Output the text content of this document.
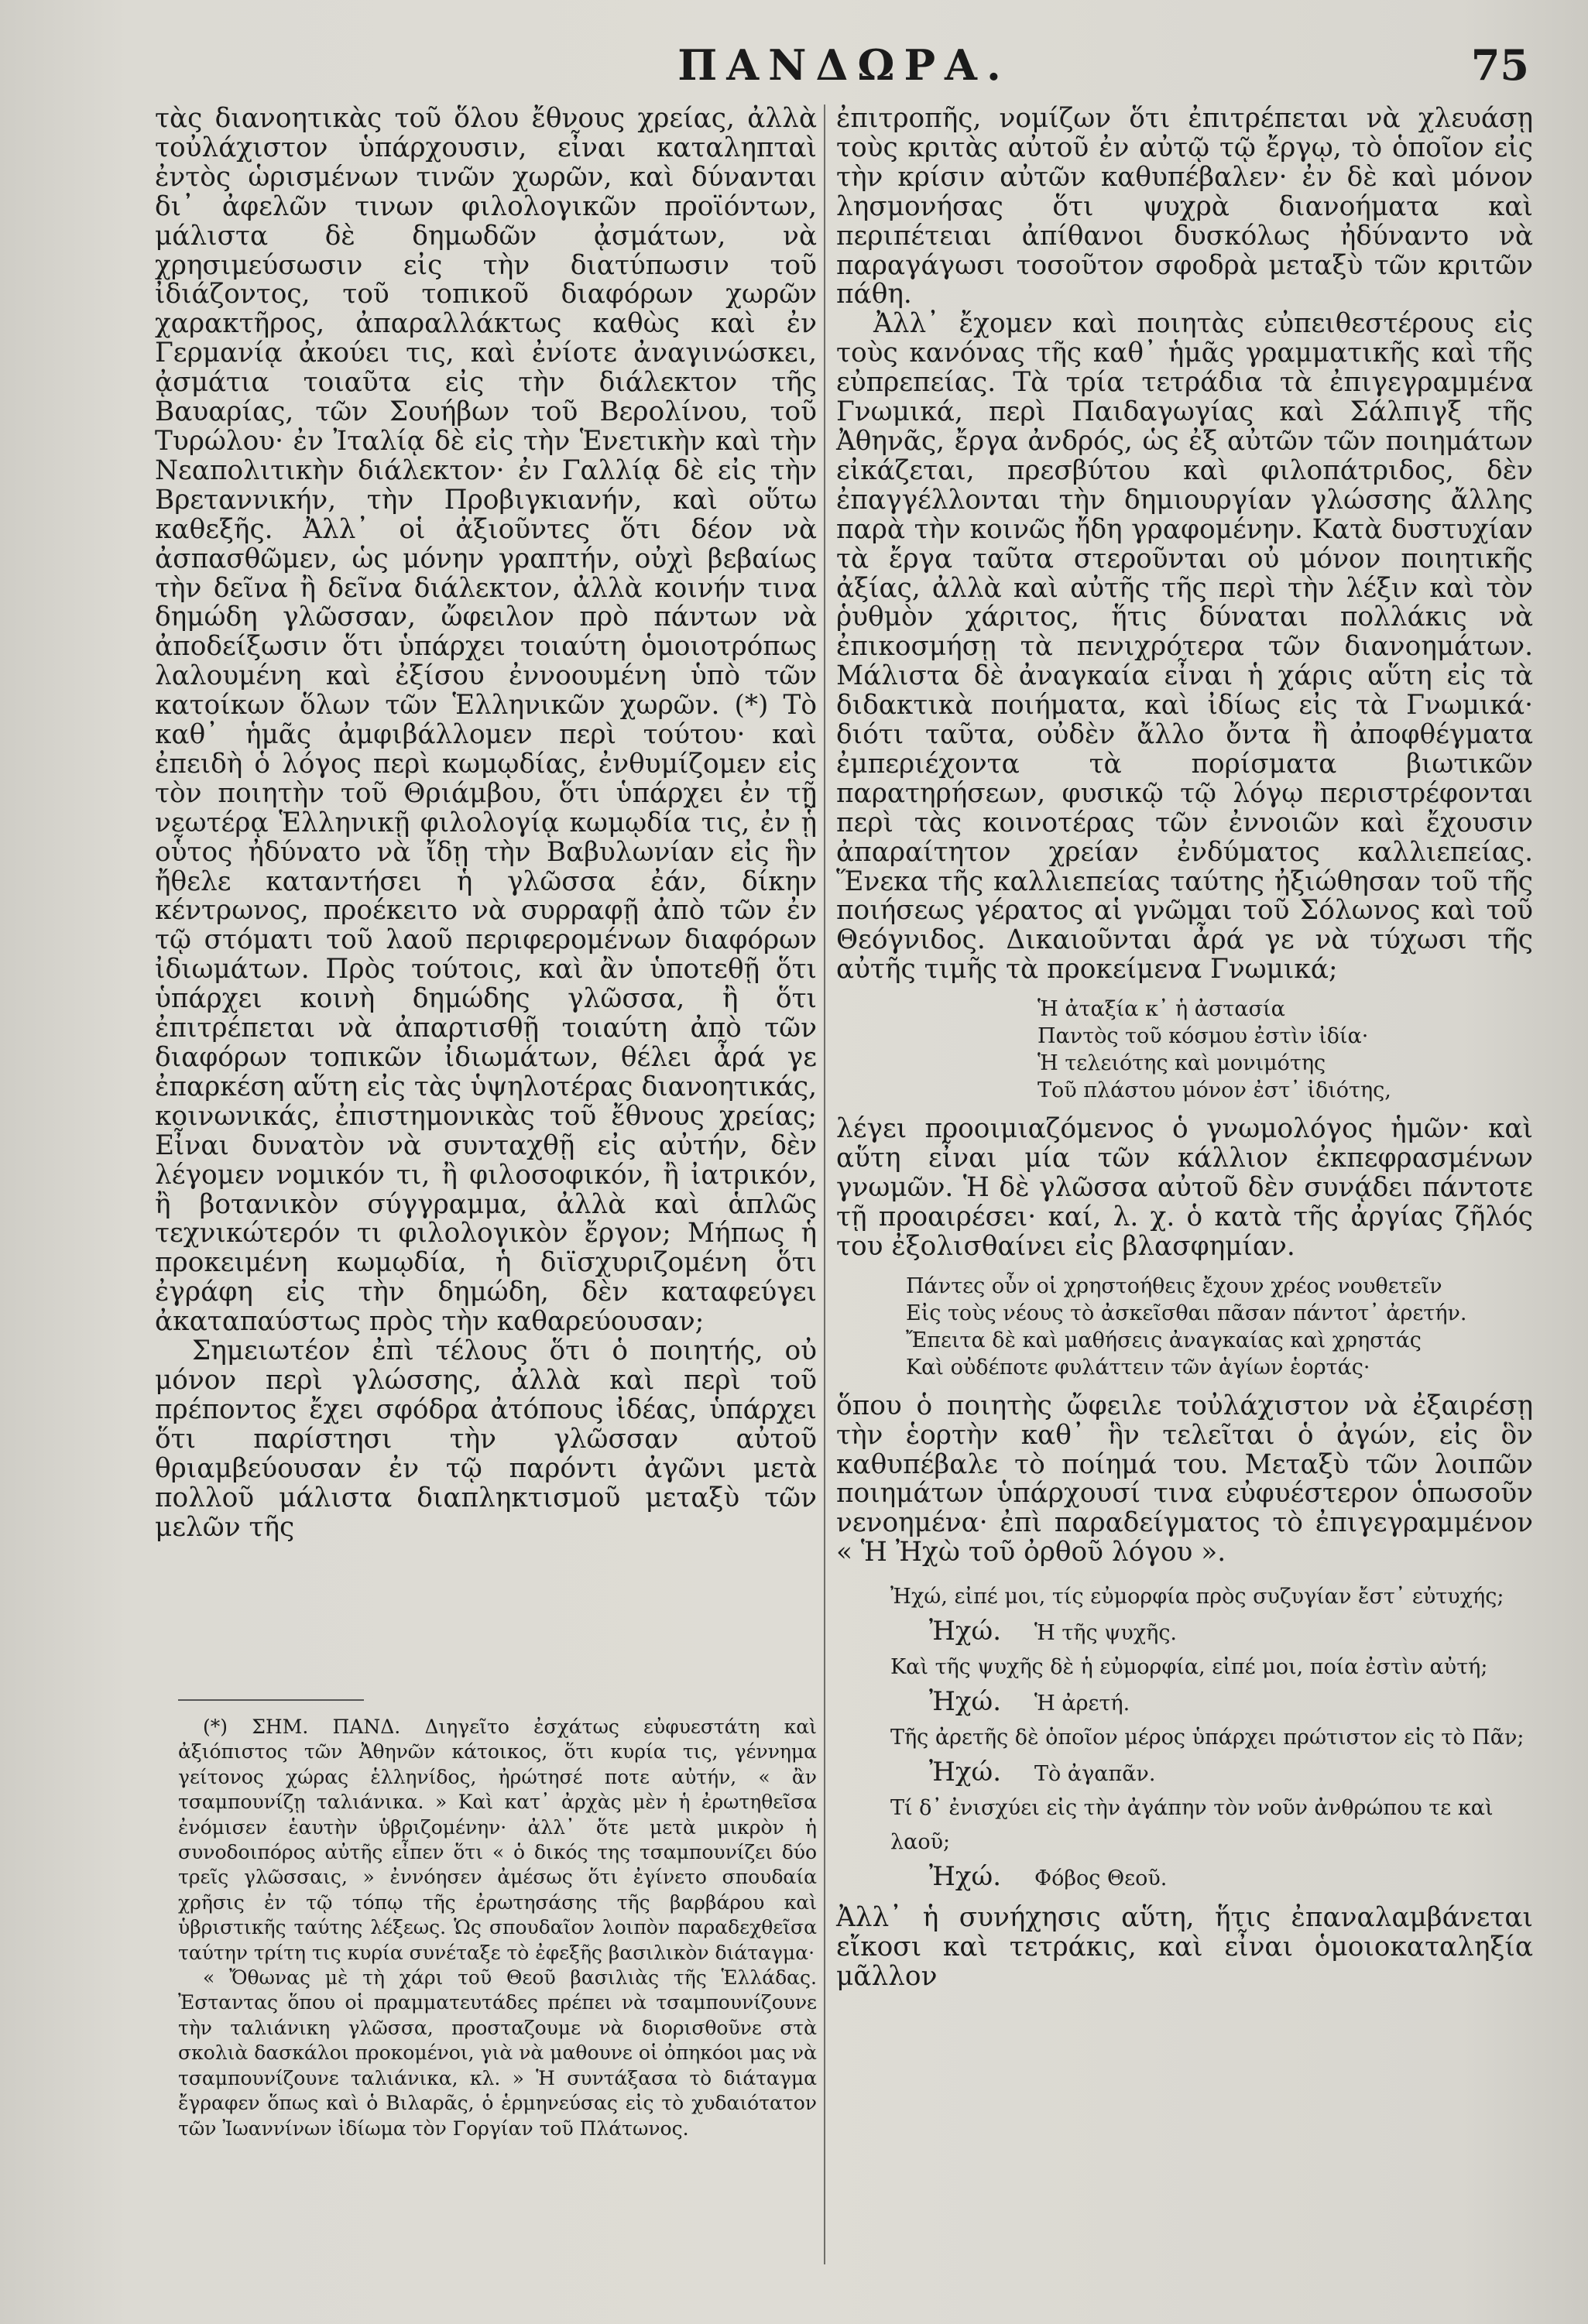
ΠΑΝΔΩΡΑ.	75
τὰς διανοητικὰς τοῦ ὅλου ἔθνους χρείας, ἀλλὰ τοὐλάχιστον ὑπάρχουσιν, εἶναι καταληπταὶ ἐντὸς ὡρισμένων τινῶν χωρῶν, καὶ δύνανται δι᾽ ἀφελῶν τινων φιλολογικῶν προϊόντων, μάλιστα δὲ δημωδῶν ᾀσμάτων, νὰ χρησιμεύσωσιν εἰς τὴν διατύπωσιν τοῦ ἰδιάζοντος, τοῦ τοπικοῦ διαφόρων χωρῶν χαρακτῆρος, ἀπαραλλάκτως καθὼς καὶ ἐν Γερμανίᾳ ἀκούει τις, καὶ ἐνίοτε ἀναγινώσκει, ᾀσμάτια τοιαῦτα εἰς τὴν διάλεκτον τῆς Βαυαρίας, τῶν Σουήβων τοῦ Βερολίνου, τοῦ Τυρώλου· ἐν Ἰταλίᾳ δὲ εἰς τὴν Ἑνετικὴν καὶ τὴν Νεαπολιτικὴν διάλεκτον· ἐν Γαλλίᾳ δὲ εἰς τὴν Βρεταννικήν, τὴν Προβιγκιανήν, καὶ οὕτω καθεξῆς. Ἀλλ᾽ οἱ ἀξιοῦντες ὅτι δέον νὰ ἀσπασθῶμεν, ὡς μόνην γραπτήν, οὐχὶ βεβαίως τὴν δεῖνα ἢ δεῖνα διάλεκτον, ἀλλὰ κοινήν τινα δημώδη γλῶσσαν, ὤφειλον πρὸ πάντων νὰ ἀποδείξωσιν ὅτι ὑπάρχει τοιαύτη ὁμοιοτρόπως λαλουμένη καὶ ἐξίσου ἐννοουμένη ὑπὸ τῶν κατοίκων ὅλων τῶν Ἑλληνικῶν χωρῶν. (*) Τὸ καθ᾽ ἡμᾶς ἀμφιβάλλομεν περὶ τούτου· καὶ ἐπειδὴ ὁ λόγος περὶ κωμῳδίας, ἐνθυμίζομεν εἰς τὸν ποιητὴν τοῦ Θριάμβου, ὅτι ὑπάρχει ἐν τῇ νεωτέρᾳ Ἑλληνικῇ φιλολογίᾳ κωμῳδία τις, ἐν ᾗ οὗτος ἠδύνατο νὰ ἴδῃ τὴν Βαβυλωνίαν εἰς ἣν ἤθελε καταντήσει ἡ γλῶσσα ἐάν, δίκην κέντρωνος, προέκειτο νὰ συρραφῇ ἀπὸ τῶν ἐν τῷ στόματι τοῦ λαοῦ περιφερομένων διαφόρων ἰδιωμάτων. Πρὸς τούτοις, καὶ ἂν ὑποτεθῇ ὅτι ὑπάρχει κοινὴ δημώδης γλῶσσα, ἢ ὅτι ἐπιτρέπεται νὰ ἀπαρτισθῇ τοιαύτη ἀπὸ τῶν διαφόρων τοπικῶν ἰδιωμάτων, θέλει ἆρά γε ἐπαρκέση αὕτη εἰς τὰς ὑψηλοτέρας διανοητικάς, κοινωνικάς, ἐπιστημονικὰς τοῦ ἔθνους χρείας; Εἶναι δυνατὸν νὰ συνταχθῇ εἰς αὐτήν, δὲν λέγομεν νομικόν τι, ἢ φιλοσοφικόν, ἢ ἰατρικόν, ἢ βοτανικὸν σύγγραμμα, ἀλλὰ καὶ ἁπλῶς τεχνικώτερόν τι φιλολογικὸν ἔργον; Μήπως ἡ προκειμένη κωμῳδία, ἡ διϊσχυριζομένη ὅτι ἐγράφη εἰς τὴν δημώδη, δὲν καταφεύγει ἀκαταπαύστως πρὸς τὴν καθαρεύουσαν;
Σημειωτέον ἐπὶ τέλους ὅτι ὁ ποιητής, οὐ μόνον περὶ γλώσσης, ἀλλὰ καὶ περὶ τοῦ πρέποντος ἔχει σφόδρα ἀτόπους ἰδέας, ὑπάρχει ὅτι παρίστησι τὴν γλῶσσαν αὐτοῦ θριαμβεύουσαν ἐν τῷ παρόντι ἀγῶνι μετὰ πολλοῦ μάλιστα διαπληκτισμοῦ μεταξὺ τῶν μελῶν τῆς
(*) ΣΗΜ. ΠΑΝΔ. Διηγεῖτο ἐσχάτως εὐφυεστάτη καὶ ἀξιόπιστος τῶν Ἀθηνῶν κάτοικος, ὅτι κυρία τις, γέννημα γείτονος χώρας ἑλληνίδος, ἠρώτησέ ποτε αὐτήν, « ἂν τσαμπουνίζῃ ταλιάνικα. » Καὶ κατ᾽ ἀρχὰς μὲν ἡ ἐρωτηθεῖσα ἐνόμισεν ἑαυτὴν ὑβριζομένην· ἀλλ᾽ ὅτε μετὰ μικρὸν ἡ συνοδοιπόρος αὐτῆς εἶπεν ὅτι « ὁ δικός της τσαμπουνίζει δύο τρεῖς γλῶσσαις, » ἐννόησεν ἀμέσως ὅτι ἐγίνετο σπουδαία χρῆσις ἐν τῷ τόπῳ τῆς ἐρωτησάσης τῆς βαρβάρου καὶ ὑβριστικῆς ταύτης λέξεως. Ὡς σπουδαῖον λοιπὸν παραδεχθεῖσα ταύτην τρίτη τις κυρία συνέταξε τὸ ἐφεξῆς βασιλικὸν διάταγμα·
« Ὄθωνας μὲ τὴ χάρι τοῦ Θεοῦ βασιλιὰς τῆς Ἑλλάδας. Ἐσταντας ὅπου οἱ πραμματευτάδες πρέπει νὰ τσαμπουνίζουνε τὴν ταλιάνικη γλῶσσα, προσταζουμε νὰ διορισθοῦνε στὰ σκολιὰ δασκάλοι προκομένοι, γιὰ νὰ μαθουνε οἱ ὀπηκόοι μας νὰ τσαμπουνίζουνε ταλιάνικα, κλ. » Ἡ συντάξασα τὸ διάταγμα ἔγραφεν ὅπως καὶ ὁ Βιλαρᾶς, ὁ ἑρμηνεύσας εἰς τὸ χυδαιότατον τῶν Ἰωαννίνων ἰδίωμα τὸν Γοργίαν τοῦ Πλάτωνος.
ἐπιτροπῆς, νομίζων ὅτι ἐπιτρέπεται νὰ χλευάσῃ τοὺς κριτὰς αὐτοῦ ἐν αὐτῷ τῷ ἔργῳ, τὸ ὁποῖον εἰς τὴν κρίσιν αὐτῶν καθυπέβαλεν· ἐν δὲ καὶ μόνον λησμονήσας ὅτι ψυχρὰ διανοήματα καὶ περιπέτειαι ἀπίθανοι δυσκόλως ἠδύναντο νὰ παραγάγωσι τοσοῦτον σφοδρὰ μεταξὺ τῶν κριτῶν πάθη.
Ἀλλ᾽ ἔχομεν καὶ ποιητὰς εὐπειθεστέρους εἰς τοὺς κανόνας τῆς καθ᾽ ἡμᾶς γραμματικῆς καὶ τῆς εὐπρεπείας. Τὰ τρία τετράδια τὰ ἐπιγεγραμμένα Γνωμικά, περὶ Παιδαγωγίας καὶ Σάλπιγξ τῆς Ἀθηνᾶς, ἔργα ἀνδρός, ὡς ἐξ αὐτῶν τῶν ποιημάτων εἰκάζεται, πρεσβύτου καὶ φιλοπάτριδος, δὲν ἐπαγγέλλονται τὴν δημιουργίαν γλώσσης ἄλλης παρὰ τὴν κοινῶς ἤδη γραφομένην. Κατὰ δυστυχίαν τὰ ἔργα ταῦτα στεροῦνται οὐ μόνον ποιητικῆς ἀξίας, ἀλλὰ καὶ αὐτῆς τῆς περὶ τὴν λέξιν καὶ τὸν ῥυθμὸν χάριτος, ἥτις δύναται πολλάκις νὰ ἐπικοσμήσῃ τὰ πενιχρότερα τῶν διανοημάτων. Μάλιστα δὲ ἀναγκαία εἶναι ἡ χάρις αὕτη εἰς τὰ διδακτικὰ ποιήματα, καὶ ἰδίως εἰς τὰ Γνωμικά· διότι ταῦτα, οὐδὲν ἄλλο ὄντα ἢ ἀποφθέγματα ἐμπεριέχοντα τὰ πορίσματα βιωτικῶν παρατηρήσεων, φυσικῷ τῷ λόγῳ περιστρέφονται περὶ τὰς κοινοτέρας τῶν ἐννοιῶν καὶ ἔχουσιν ἀπαραίτητον χρείαν ἐνδύματος καλλιεπείας. Ἕνεκα τῆς καλλιεπείας ταύτης ἠξιώθησαν τοῦ τῆς ποιήσεως γέρατος αἱ γνῶμαι τοῦ Σόλωνος καὶ τοῦ Θεόγνιδος. Δικαιοῦνται ἆρά γε νὰ τύχωσι τῆς αὐτῆς τιμῆς τὰ προκείμενα Γνωμικά;
Ἡ ἀταξία κ᾽ ἡ ἀστασία
Παντὸς τοῦ κόσμου ἐστὶν ἰδία·
Ἡ τελειότης καὶ μονιμότης
Τοῦ πλάστου μόνον ἐστ᾽ ἰδιότης,
λέγει προοιμιαζόμενος ὁ γνωμολόγος ἡμῶν· καὶ αὕτη εἶναι μία τῶν κάλλιον ἐκπεφρασμένων γνωμῶν. Ἡ δὲ γλῶσσα αὐτοῦ δὲν συνᾴδει πάντοτε τῇ προαιρέσει· καί, λ. χ. ὁ κατὰ τῆς ἀργίας ζῆλός του ἐξολισθαίνει εἰς βλασφημίαν.
Πάντες οὖν οἱ χρηστοήθεις ἔχουν χρέος νουθετεῖν
Εἰς τοὺς νέους τὸ ἀσκεῖσθαι πᾶσαν πάντοτ᾽ ἀρετήν.
Ἔπειτα δὲ καὶ μαθήσεις ἀναγκαίας καὶ χρηστάς
Καὶ οὐδέποτε φυλάττειν τῶν ἁγίων ἑορτάς·
ὅπου ὁ ποιητὴς ὤφειλε τοὐλάχιστον νὰ ἐξαιρέσῃ τὴν ἑορτὴν καθ᾽ ἣν τελεῖται ὁ ἀγών, εἰς ὃν καθυπέβαλε τὸ ποίημά του. Μεταξὺ τῶν λοιπῶν ποιημάτων ὑπάρχουσί τινα εὐφυέστερον ὁπωσοῦν νενοημένα· ἐπὶ παραδείγματος τὸ ἐπιγεγραμμένον « Ἡ Ἠχὼ τοῦ ὀρθοῦ λόγου ».
Ἠχώ, εἰπέ μοι, τίς εὐμορφία πρὸς συζυγίαν ἔστ᾽ εὐτυχής;
Ἠχώ. Ἡ τῆς ψυχῆς.
Καὶ τῆς ψυχῆς δὲ ἡ εὐμορφία, εἰπέ μοι, ποία ἐστὶν αὐτή;
Ἠχώ. Ἡ ἀρετή.
Τῆς ἀρετῆς δὲ ὁποῖον μέρος ὑπάρχει πρώτιστον εἰς τὸ Πᾶν;
Ἠχώ. Τὸ ἀγαπᾶν.
Τί δ᾽ ἐνισχύει εἰς τὴν ἀγάπην τὸν νοῦν ἀνθρώπου τε καὶ λαοῦ;
Ἠχώ. Φόβος Θεοῦ.
Ἀλλ᾽ ἡ συνήχησις αὕτη, ἥτις ἐπαναλαμβάνεται εἴκοσι καὶ τετράκις, καὶ εἶναι ὁμοιοκαταληξία μᾶλλον
